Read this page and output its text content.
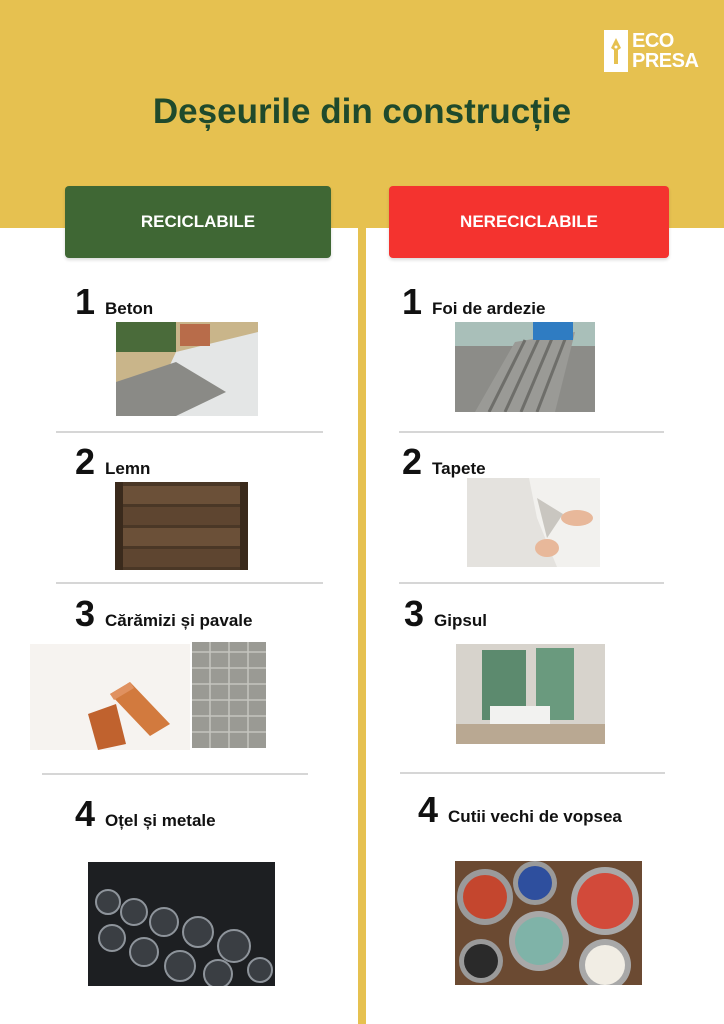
ECO
PRESA
Deșeurile din construcție
RECICLABILE	NERECICLABILE
1 Beton
2 Lemn
3 Cărămizi și pavale
4 Oțel și metale
1 Foi de ardezie
2 Tapete
3 Gipsul
4 Cutii vechi de vopsea
